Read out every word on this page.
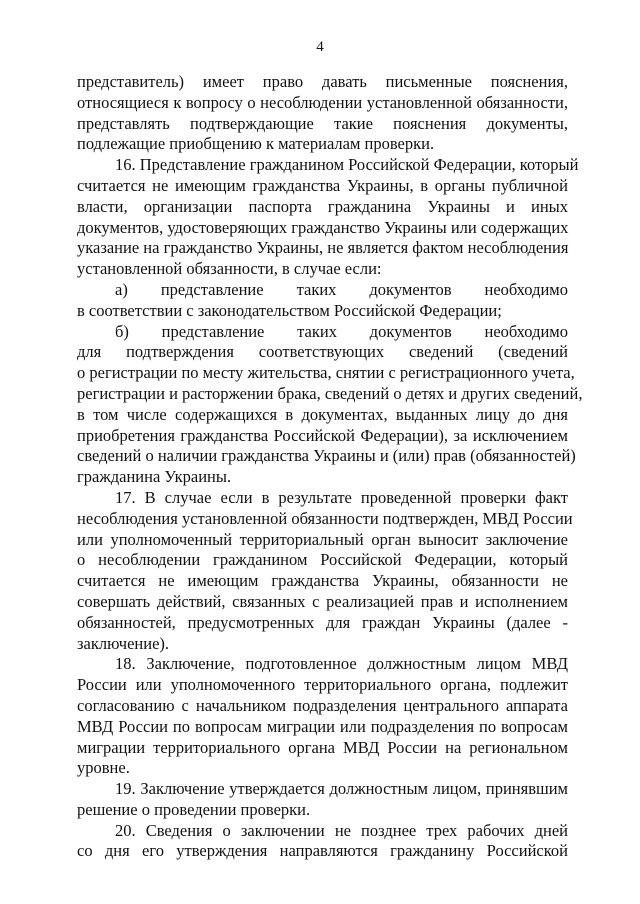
4
представитель) имеет право давать письменные пояснения,
относящиеся к вопросу о несоблюдении установленной обязанности,
представлять подтверждающие такие пояснения документы,
подлежащие приобщению к материалам проверки.
16. Представление гражданином Российской Федерации, который
считается не имеющим гражданства Украины, в органы публичной
власти, организации паспорта гражданина Украины и иных
документов, удостоверяющих гражданство Украины или содержащих
указание на гражданство Украины, не является фактом несоблюдения
установленной обязанности, в случае если:
а) представление таких документов необходимо
в соответствии с законодательством Российской Федерации;
б) представление таких документов необходимо
для подтверждения соответствующих сведений (сведений
о регистрации по месту жительства, снятии с регистрационного учета,
регистрации и расторжении брака, сведений о детях и других сведений,
в том числе содержащихся в документах, выданных лицу до дня
приобретения гражданства Российской Федерации), за исключением
сведений о наличии гражданства Украины и (или) прав (обязанностей)
гражданина Украины.
17. В случае если в результате проведенной проверки факт
несоблюдения установленной обязанности подтвержден, МВД России
или уполномоченный территориальный орган выносит заключение
о несоблюдении гражданином Российской Федерации, который
считается не имеющим гражданства Украины, обязанности не
совершать действий, связанных с реализацией прав и исполнением
обязанностей, предусмотренных для граждан Украины (далее -
заключение).
18. Заключение, подготовленное должностным лицом МВД
России или уполномоченного территориального органа, подлежит
согласованию с начальником подразделения центрального аппарата
МВД России по вопросам миграции или подразделения по вопросам
миграции территориального органа МВД России на региональном
уровне.
19. Заключение утверждается должностным лицом, принявшим
решение о проведении проверки.
20. Сведения о заключении не позднее трех рабочих дней
со дня его утверждения направляются гражданину Российской
